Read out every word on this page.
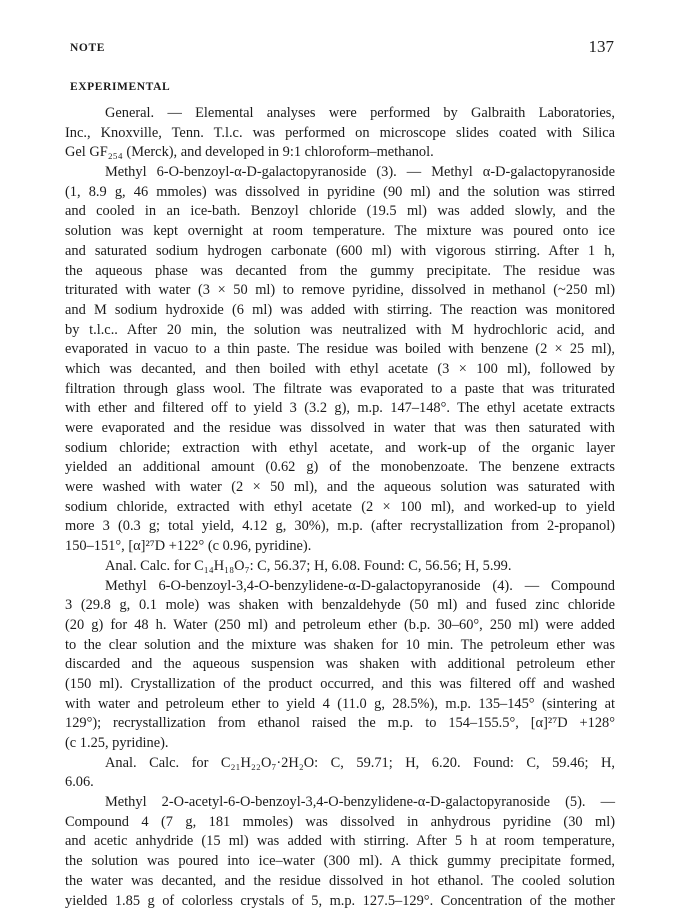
NOTE	137
EXPERIMENTAL
General. — Elemental analyses were performed by Galbraith Laboratories,
Inc., Knoxville, Tenn. T.l.c. was performed on microscope slides coated with Silica
Gel GF₂₅₄ (Merck), and developed in 9:1 chloroform–methanol.
Methyl 6-O-benzoyl-α-D-galactopyranoside (3). — Methyl α-D-galactopyranoside
(1, 8.9 g, 46 mmoles) was dissolved in pyridine (90 ml) and the solution was stirred
and cooled in an ice-bath. Benzoyl chloride (19.5 ml) was added slowly, and the
solution was kept overnight at room temperature. The mixture was poured onto ice
and saturated sodium hydrogen carbonate (600 ml) with vigorous stirring. After 1 h,
the aqueous phase was decanted from the gummy precipitate. The residue was
triturated with water (3 × 50 ml) to remove pyridine, dissolved in methanol (~250 ml)
and M sodium hydroxide (6 ml) was added with stirring. The reaction was monitored
by t.l.c.. After 20 min, the solution was neutralized with M hydrochloric acid, and
evaporated in vacuo to a thin paste. The residue was boiled with benzene (2 × 25 ml),
which was decanted, and then boiled with ethyl acetate (3 × 100 ml), followed by
filtration through glass wool. The filtrate was evaporated to a paste that was triturated
with ether and filtered off to yield 3 (3.2 g), m.p. 147–148°. The ethyl acetate extracts
were evaporated and the residue was dissolved in water that was then saturated with
sodium chloride; extraction with ethyl acetate, and work-up of the organic layer
yielded an additional amount (0.62 g) of the monobenzoate. The benzene extracts
were washed with water (2 × 50 ml), and the aqueous solution was saturated with
sodium chloride, extracted with ethyl acetate (2 × 100 ml), and worked-up to yield
more 3 (0.3 g; total yield, 4.12 g, 30%), m.p. (after recrystallization from 2-propanol)
150–151°, [α]²⁷D +122° (c 0.96, pyridine).
Anal. Calc. for C₁₄H₁₈O₇: C, 56.37; H, 6.08. Found: C, 56.56; H, 5.99.
Methyl 6-O-benzoyl-3,4-O-benzylidene-α-D-galactopyranoside (4). — Compound
3 (29.8 g, 0.1 mole) was shaken with benzaldehyde (50 ml) and fused zinc chloride
(20 g) for 48 h. Water (250 ml) and petroleum ether (b.p. 30–60°, 250 ml) were added
to the clear solution and the mixture was shaken for 10 min. The petroleum ether was
discarded and the aqueous suspension was shaken with additional petroleum ether
(150 ml). Crystallization of the product occurred, and this was filtered off and washed
with water and petroleum ether to yield 4 (11.0 g, 28.5%), m.p. 135–145° (sintering at
129°); recrystallization from ethanol raised the m.p. to 154–155.5°, [α]²⁷D +128°
(c 1.25, pyridine).
Anal. Calc. for C₂₁H₂₂O₇·2H₂O: C, 59.71; H, 6.20. Found: C, 59.46; H,
6.06.
Methyl 2-O-acetyl-6-O-benzoyl-3,4-O-benzylidene-α-D-galactopyranoside (5). —
Compound 4 (7 g, 181 mmoles) was dissolved in anhydrous pyridine (30 ml)
and acetic anhydride (15 ml) was added with stirring. After 5 h at room temperature,
the solution was poured into ice–water (300 ml). A thick gummy precipitate formed,
the water was decanted, and the residue dissolved in hot ethanol. The cooled solution
yielded 1.85 g of colorless crystals of 5, m.p. 127.5–129°. Concentration of the mother
